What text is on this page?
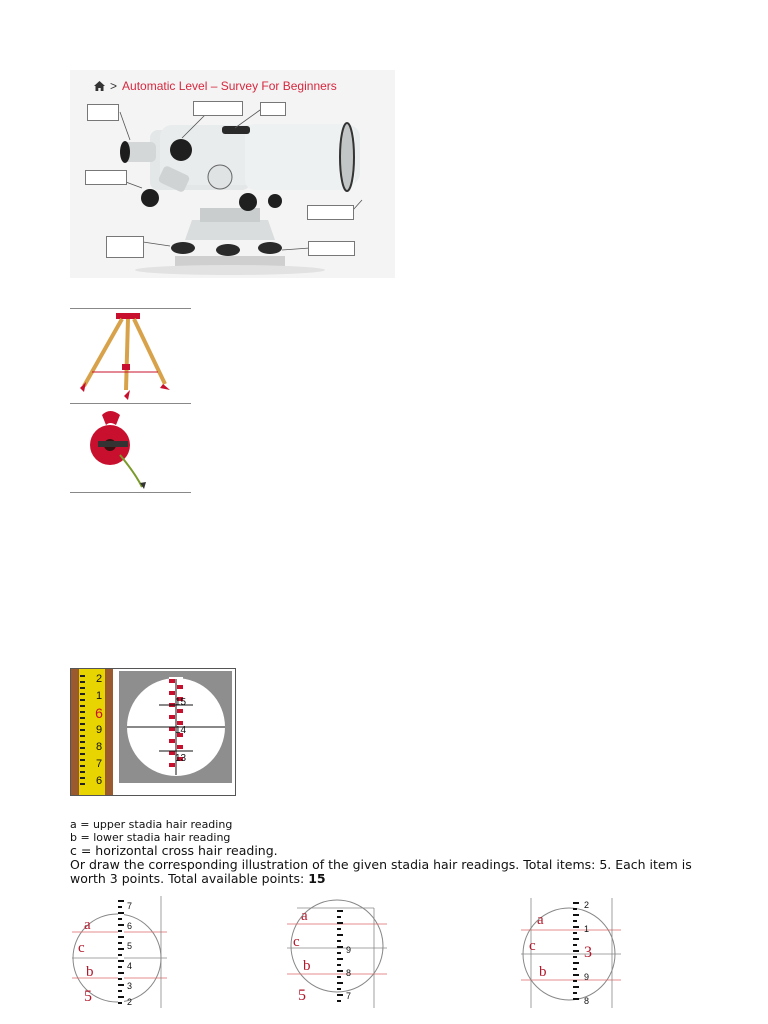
> Automatic Level – Survey For Beginners
2
1
6
9
8
7
6
15
14
13
a = upper stadia hair reading
b = lower stadia hair reading
c = horizontal cross hair reading.
Or draw the corresponding illustration of the given stadia hair readings. Total items: 5. Each item is worth 3 points. Total available points: 15
7
6
5
4
3
2
a
c
b
5
9
8
7
a
c
b
5
2
1
3
9
8
a
c
b
